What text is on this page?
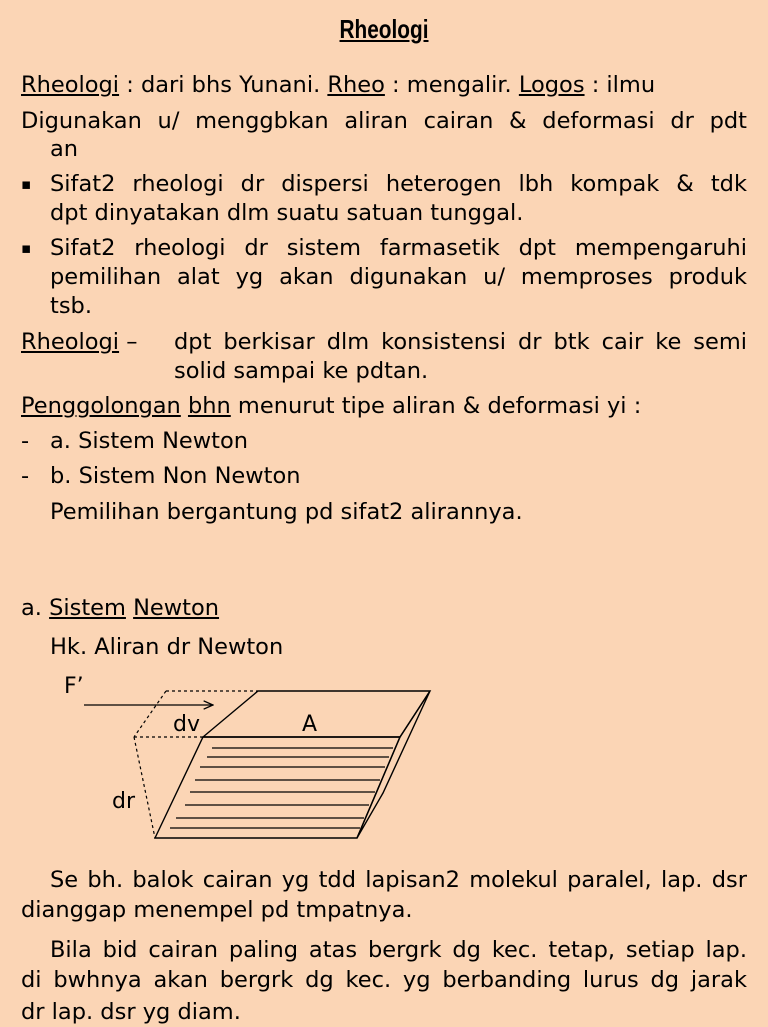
Rheologi
Rheologi : dari bhs Yunani. Rheo : mengalir. Logos : ilmu
Digunakan u/ menggbkan aliran cairan & deformasi dr pdt
an
▪ Sifat2 rheologi dr dispersi heterogen lbh kompak & tdk
dpt dinyatakan dlm suatu satuan tunggal.
▪ Sifat2 rheologi dr sistem farmasetik dpt mempengaruhi
pemilihan alat yg akan digunakan u/ memproses produk
tsb.
Rheologi – dpt berkisar dlm konsistensi dr btk cair ke semi
solid sampai ke pdtan.
Penggolongan bhn menurut tipe aliran & deformasi yi :
- a. Sistem Newton
- b. Sistem Non Newton
Pemilihan bergantung pd sifat2 alirannya.
a. Sistem Newton
Hk. Aliran dr Newton
F’
dv	A
dr
Se bh. balok cairan yg tdd lapisan2 molekul paralel, lap. dsr
dianggap menempel pd tmpatnya.
Bila bid cairan paling atas bergrk dg kec. tetap, setiap lap.
di bwhnya akan bergrk dg kec. yg berbanding lurus dg jarak
dr lap. dsr yg diam.
